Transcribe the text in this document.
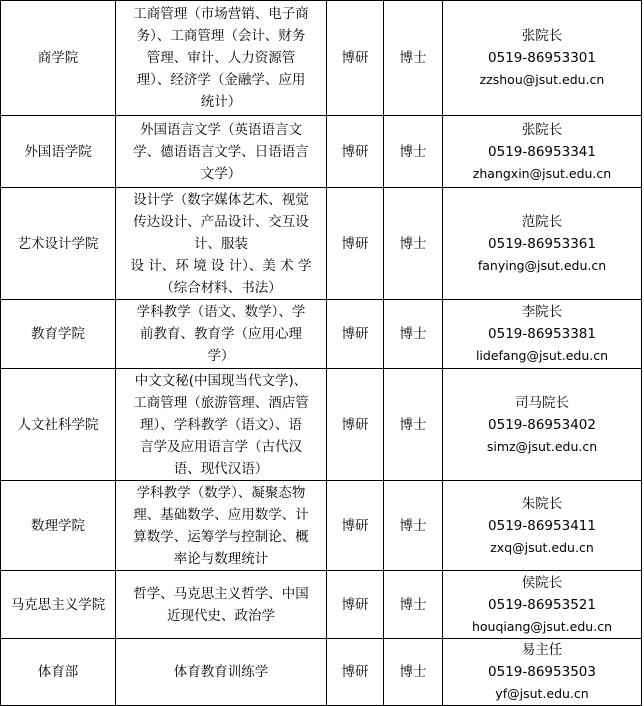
商学院	工商管理（市场营销、电子商
务）、工商管理（会计、财务
管理、审计、人力资源管
理）、经济学（金融学、应用
统计）	博研	博士	张院长
0519-86953301
zzshou@jsut.edu.cn

外国语学院	外国语言文学（英语语言文
学、德语语言文学、日语语言
文学）	博研	博士	张院长
0519-86953341
zhangxin@jsut.edu.cn

艺术设计学院	设计学（数字媒体艺术、视觉
传达设计、产品设计、交互设
计、服装
设 计、环 境 设 计）、美 术 学
（综合材料、书法）	博研	博士	范院长
0519-86953361
fanying@jsut.edu.cn

教育学院	学科教学（语文、数学）、学
前教育、教育学（应用心理
学）	博研	博士	李院长
0519-86953381
lidefang@jsut.edu.cn

人文社科学院	中文文秘(中国现当代文学)、
工商管理（旅游管理、酒店管
理）、学科教学（语文）、语
言学及应用语言学（古代汉
语、现代汉语）	博研	博士	司马院长
0519-86953402
simz@jsut.edu.cn

数理学院	学科教学（数学）、凝聚态物
理、基础数学、应用数学、计
算数学、运筹学与控制论、概
率论与数理统计	博研	博士	朱院长
0519-86953411
zxq@jsut.edu.cn

马克思主义学院	哲学、马克思主义哲学、中国
近现代史、政治学	博研	博士	侯院长
0519-86953521
houqiang@jsut.edu.cn

体育部	体育教育训练学	博研	博士	易主任
0519-86953503
yf@jsut.edu.cn
